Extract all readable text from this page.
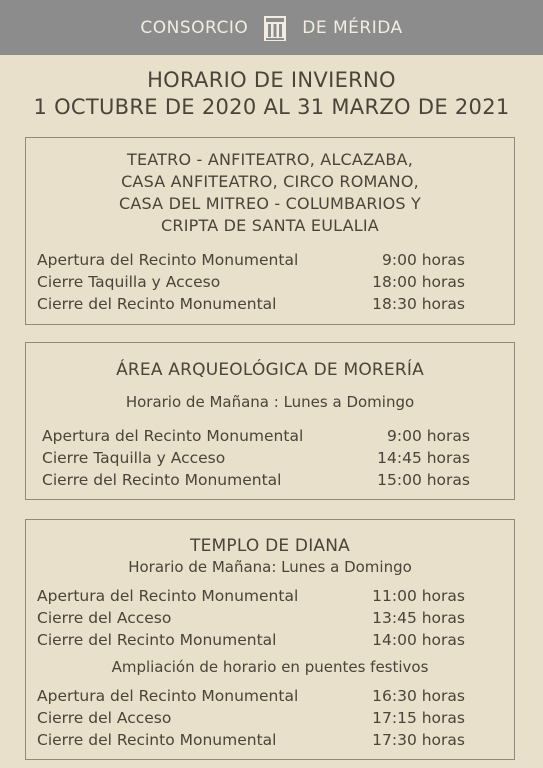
CONSORCIO	DE MÉRIDA
HORARIO DE INVIERNO
1 OCTUBRE DE 2020 AL 31 MARZO DE 2021
TEATRO - ANFITEATRO, ALCAZABA,
CASA ANFITEATRO, CIRCO ROMANO,
CASA DEL MITREO - COLUMBARIOS Y
CRIPTA DE SANTA EULALIA
Apertura del Recinto Monumental	9:00 horas
Cierre Taquilla y Acceso	18:00 horas
Cierre del Recinto Monumental	18:30 horas
ÁREA ARQUEOLÓGICA DE MORERÍA
Horario de Mañana : Lunes a Domingo
Apertura del Recinto Monumental	9:00 horas
Cierre Taquilla y Acceso	14:45 horas
Cierre del Recinto Monumental	15:00 horas
TEMPLO DE DIANA
Horario de Mañana: Lunes a Domingo
Apertura del Recinto Monumental	11:00 horas
Cierre del Acceso	13:45 horas
Cierre del Recinto Monumental	14:00 horas
Ampliación de horario en puentes festivos
Apertura del Recinto Monumental	16:30 horas
Cierre del Acceso	17:15 horas
Cierre del Recinto Monumental	17:30 horas
